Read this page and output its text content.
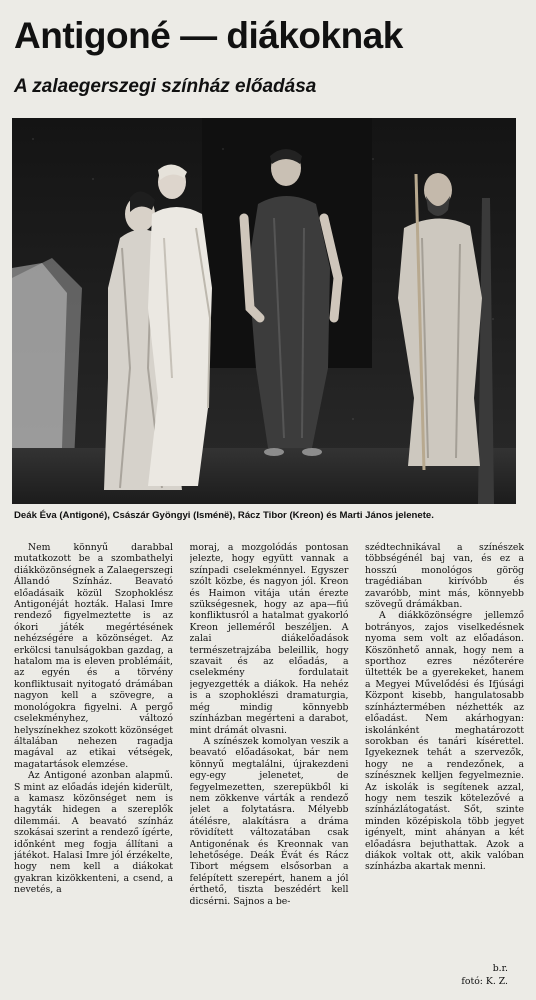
Antigoné — diákoknak
A zalaegerszegi színház előadása
Deák Éva (Antigoné), Császár Gyöngyi (Isménë), Rácz Tibor (Kreon) és Marti János jelenete.

Nem könnyű darabbal mutatkozott be a szombathelyi diákközönségnek a Zalaegerszegi Állandó Színház. Beavató előadásaik közül Szophoklész Antigonéját hozták. Halasi Imre rendező figyelmeztette is az ókori játék megértésének nehézségére a közönséget. Az erkölcsi tanulságokban gazdag, a hatalom ma is eleven problémáit, az egyén és a törvény konfliktusait nyitogató drámában nagyon kell a szövegre, a monológokra figyelni. A pergő cselekményhez, változó helyszínekhez szokott közönséget általában nehezen ragadja magával az etikai vétségek, magatartások elemzése.

Az Antigoné azonban alapmű. S mint az előadás idején kiderült, a kamasz közönséget nem is hagyták hidegen a szereplők dilemmái. A beavató színház szokásai szerint a rendező ígérte, időnként meg fogja állítani a játékot. Halasi Imre jól érzékelte, hogy nem kell a diákokat gyakran kizökkenteni, a csend, a nevetés, a

moraj, a mozgolódás pontosan jelezte, hogy együtt vannak a színpadi cselekménnyel. Egyszer szólt közbe, és nagyon jól. Kreon és Haimon vitája után érezte szükségesnek, hogy az apa—fiú konfliktusról a hatalmat gyakorló Kreon jelleméről beszéljen. A zalai diákelőadások természetrajzába beleillik, hogy szavait és az előadás, a cselekmény fordulatait jegyezgették a diákok. Ha nehéz is a szophoklészi dramaturgia, még mindig könnyebb színházban megérteni a darabot, mint drámát olvasni.

A színészek komolyan veszik a beavató előadásokat, bár nem könnyű megtalálni, újrakezdeni egy-egy jelenetet, de fegyelmezetten, szerepükből ki nem zökkenve várták a rendező jelet a folytatásra. Mélyebb átélésre, alakításra a dráma rövidített változatában csak Antigonénak és Kreonnak van lehetősége. Deák Évát és Rácz Tibort mégsem elsősorban a felépített szerepért, hanem a jól érthető, tiszta beszédért kell dicsérni. Sajnos a be-

szédtechnikával a színészek többségénél baj van, és ez a hosszú monológos görög tragédiában kirívóbb és zavaróbb, mint más, könnyebb szövegű drámákban.

A diákközönségre jellemző botrányos, zajos viselkedésnek nyoma sem volt az előadáson. Köszönhető annak, hogy nem a sporthoz ezres nézőterére ültették be a gyerekeket, hanem a Megyei Művelődési és Ifjúsági Központ kisebb, hangulatosabb színháztermében nézhették az előadást. Nem akárhogyan: iskolánként meghatározott sorokban és tanári kísérettel. Igyekeznek tehát a szervezők, hogy ne a rendezőnek, a színésznek kelljen fegyelmeznie. Az iskolák is segítenek azzal, hogy nem teszik kötelezővé a színházlátogatást. Sőt, szinte minden középiskola több jegyet igényelt, mint ahányan a két előadásra bejuthattak. Azok a diákok voltak ott, akik valóban színházba akartak menni.

b.r.
fotó: K. Z.
